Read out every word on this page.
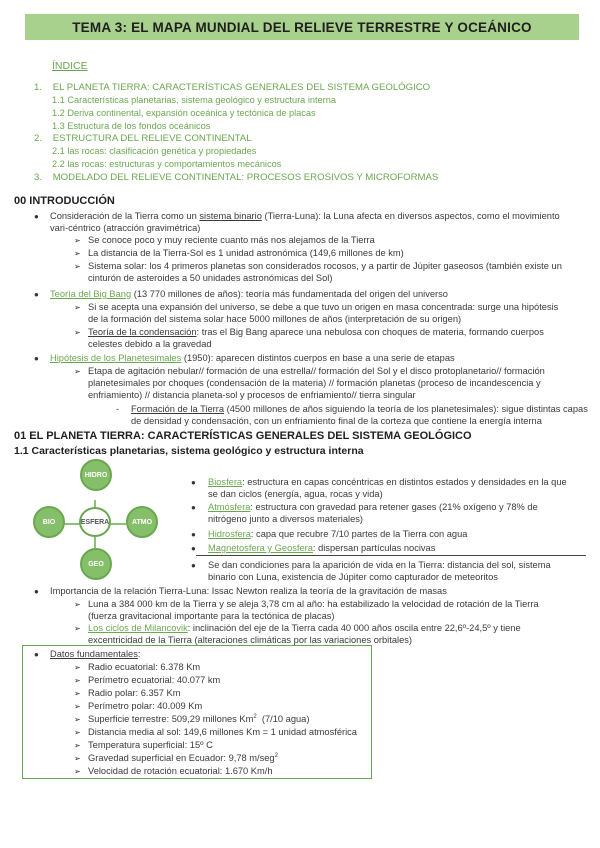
TEMA 3: EL MAPA MUNDIAL DEL RELIEVE TERRESTRE Y OCEÁNICO
ÍNDICE
1. EL PLANETA TIERRA: CARACTERÍSTICAS GENERALES DEL SISTEMA GEOLÓGICO
1.1 Características planetarias, sistema geológico y estructura interna
1.2 Deriva continental, expansión oceánica y tectónica de placas
1.3 Estructura de los fondos oceánicos
2. ESTRUCTURA DEL RELIEVE CONTINENTAL
2.1 las rocas: clasificación genética y propiedades
2.2 las rocas: estructuras y comportamientos mecánicos
3. MODELADO DEL RELIEVE CONTINENTAL: PROCESOS EROSIVOS Y MICROFORMAS
00 INTRODUCCIÓN
● Consideración de la Tierra como un sistema binario (Tierra-Luna): la Luna afecta en diversos aspectos, como el movimiento
vari-céntrico (atracción gravimétrica)
➢ Se conoce poco y muy reciente cuanto más nos alejamos de la Tierra
➢ La distancia de la Tierra-Sol es 1 unidad astronómica (149,6 millones de km)
➢ Sistema solar: los 4 primeros planetas son considerados rocosos, y a partir de Júpiter gaseosos (también existe un
cinturón de asteroides a 50 unidades astronómicas del Sol)
● Teoría del Big Bang (13 770 millones de años): teoría más fundamentada del origen del universo
➢ Si se acepta una expansión del universo, se debe a que tuvo un origen en masa concentrada: surge una hipótesis
de la formación del sistema solar hace 5000 millones de años (interpretación de su origen)
➢ Teoría de la condensación: tras el Big Bang aparece una nebulosa con choques de materia, formando cuerpos
celestes debido a la gravedad
● Hipótesis de los Planetesimales (1950): aparecen distintos cuerpos en base a una serie de etapas
➢ Etapa de agitación nebular// formación de una estrella// formación del Sol y el disco protoplanetario// formación
planetesimales por choques (condensación de la materia) // formación planetas (proceso de incandescencia y
enfriamiento) // distancia planeta-sol y procesos de enfriamiento// tierra singular
- Formación de la Tierra (4500 millones de años siguiendo la teoría de los planetesimales): sigue distintas capas
de densidad y condensación, con un enfriamiento final de la corteza que contiene la energía interna
01 EL PLANETA TIERRA: CARACTERÍSTICAS GENERALES DEL SISTEMA GEOLÓGICO
1.1 Características planetarias, sistema geológico y estructura interna
HIDRO
BIO	ESFERA	ATMO
GEO
● Biosfera: estructura en capas concéntricas en distintos estados y densidades en la que
se dan ciclos (energía, agua, rocas y vida)
● Atmósfera: estructura con gravedad para retener gases (21% oxígeno y 78% de
nitrógeno junto a diversos materiales)
● Hidrosfera: capa que recubre 7/10 partes de la Tierra con agua
● Magnetosfera y Geosfera: dispersan partículas nocivas
● Se dan condiciones para la aparición de vida en la Tierra: distancia del sol, sistema
binario con Luna, existencia de Júpiter como capturador de meteoritos
● Importancia de la relación Tierra-Luna: Issac Newton realiza la teoría de la gravitación de masas
➢ Luna a 384 000 km de la Tierra y se aleja 3,78 cm al año: ha estabilizado la velocidad de rotación de la Tierra
(fuerza gravitacional importante para la tectónica de placas)
➢ Los ciclos de Milancovik: inclinación del eje de la Tierra cada 40 000 años oscila entre 22,6º-24,5º y tiene
excentricidad de la Tierra (alteraciones climáticas por las variaciones orbitales)
● Datos fundamentales:
➢ Radio ecuatorial: 6.378 Km
➢ Perímetro ecuatorial: 40.077 km
➢ Radio polar: 6.357 Km
➢ Perímetro polar: 40.009 Km
➢ Superficie terrestre: 509,29 millones Km$^2$  (7/10 agua)
➢ Distancia media al sol: 149,6 millones Km = 1 unidad atmosférica
➢ Temperatura superficial: 15º C
➢ Gravedad superficial en Ecuador: 9,78 m/seg$^2$
➢ Velocidad de rotación ecuatorial: 1.670 Km/h
